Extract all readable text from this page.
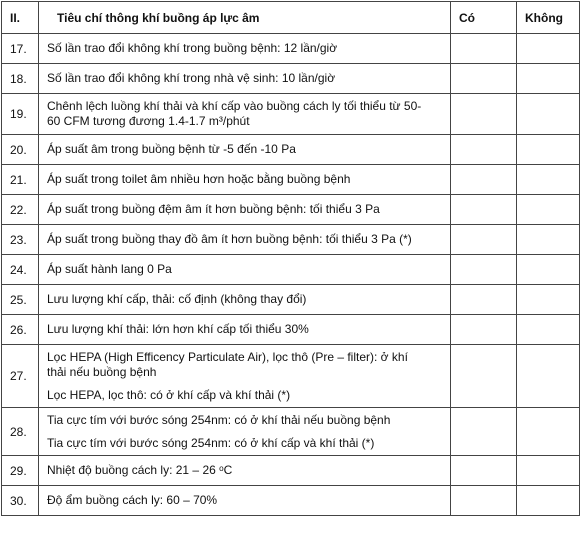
II.	Tiêu chí thông khí buồng áp lực âm	Có	Không
17.	Số lần trao đổi không khí trong buồng bệnh: 12 lần/giờ		

18.	Số lần trao đổi không khí trong nhà vệ sinh: 10 lần/giờ		

19.	Chênh lệch luồng khí thải và khí cấp vào buồng cách ly tối thiểu từ 50-
60 CFM tương đương 1.4-1.7 m³/phút		

20.	Áp suất âm trong buồng bệnh từ -5 đến -10 Pa		

21.	Áp suất trong toilet âm nhiều hơn hoặc bằng buồng bệnh		

22.	Áp suất trong buồng đệm âm ít hơn buồng bệnh: tối thiểu 3 Pa		

23.	Áp suất trong buồng thay đồ âm ít hơn buồng bệnh: tối thiểu 3 Pa (*)		

24.	Áp suất hành lang 0 Pa		

25.	Lưu lượng khí cấp, thải: cố định (không thay đổi)		

26.	Lưu lượng khí thải: lớn hơn khí cấp tối thiểu 30%		

27.	Lọc HEPA (High Efficency Particulate Air), lọc thô (Pre – filter): ở khí
thải nếu buồng bệnh
Lọc HEPA, lọc thô: có ở khí cấp và khí thải (*)		

28.	Tia cực tím với bước sóng 254nm: có ở khí thải nếu buồng bệnh
Tia cực tím với bước sóng 254nm: có ở khí cấp và khí thải (*)		

29.	Nhiệt độ buồng cách ly: 21 – 26 ᵒC		

30.	Độ ẩm buồng cách ly: 60 – 70%		
